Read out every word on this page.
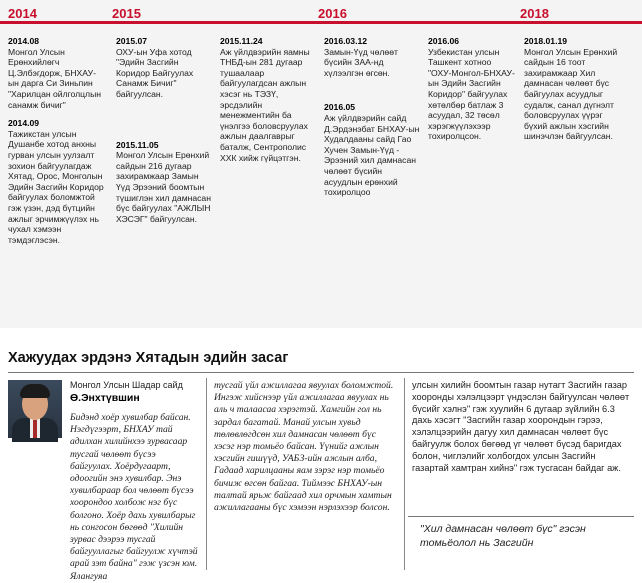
2014	2015	2016	2018
2014.08
Монгол Улсын Ерөнхийлөгч Ц.Элбэгдорж, БНХАУ-ын дарга Си Зиньпин "Харилцан ойлголцлын санамж бичиг"
2014.09
Тажикстан улсын Душанбе хотод анхны гурван улсын уулзалт зохион байгуулагдаж Хятад, Орос, Монголын Эдийн Засгийн Коридор байгуулах боломжтой гэж үзэн, дэд бүтцийн ажлыг эрчимжүүлэх нь чухал хэмээн тэмдэглэсэн.
2015.07
ОХУ-ын Уфа хотод "Эдийн Засгийн Коридор Байгуулах Санамж Бичиг" байгуулсан.
2015.11.05
Монгол Улсын Ерөнхий сайдын 216 дугаар захирамжаар Замын Үүд Эрээний боомтын түшиглэн хил дамнасан бүс байгуулах "АЖЛЫН ХЭСЭГ" байгуулсан.
2015.11.24
Аж үйлдвэрийн яамны ТНБД-ын 281 дугаар тушаалаар байгуулагдсан ажлын хэсэг нь ТЭЗҮ, эрсдэлийн менежментийн ба үнэлгээ боловсруулах ажлын даалгаврыг баталж, Сентрополис ХХК хийж гүйцэтгэн.
2016.03.12
Замын-Үүд чөлөөт бүсийн ЗАА-нд хүлээлгэн өгсөн.
2016.05
Аж үйлдвэрийн сайд Д.Эрдэнэбат БНХАУ-ын Худалдааны сайд Гао Хучен Замын-Үүд - Эрээний хил дамнасан чөлөөт бүсийн асуудлын ерөнхий тохиролцоо
2016.06
Узбекистан улсын Ташкент хотноо "ОХУ-Монгол-БНХАУ-ын Эдийн Засгийн Коридор" байгуулах хөтөлбөр батлаж 3 асуудал, 32 төсөл хэрэгжүүлэхээр тохиролцсон.
2018.01.19
Монгол Улсын Ерөнхий сайдын 16 тоот захирамжаар Хил дамнасан чөлөөт бүс байгуулах асуудлыг судалж, санал дүгнэлт боловсруулах үүрэг бүхий ажлын хэсгийн шинэчлэн байгуулсан.
Хажуудах эрдэнэ Хятадын эдийн засаг
Монгол Улсын Шадар сайд
Ө.Энхтүвшин
Бидэнд хоёр хувилбар байсан. Нэгдүгээрт, БНХАУ тай адилхан хилийнхээ зурвасаар тусгай чөлөөт бүсээ байгуулах. Хоёрдугаарт, одоогийн энэ хувилбар. Энэ хувилбараар бол чөлөөт бүсээ хоорондоо холбож нэг бүс болгоно. Хоёр дахь хувилбарыг нь сонгосон бөгөөд "Хилийн зурвас дээрээ тусгай байгууллагыг байгуулж хүчтэй арай зэт байна" гэж үзсэн юм. Ялангуяа
тусгай үйл ажиллагаа явуулах боломжтой. Ингэж хийснээр үйл ажиллагаа явуулах нь аль ч талаасаа хэрэгтэй. Хамгийн гол нь зардал багатай. Манай улсын хувьд төлөвлөгдсөн хил дамнасан чөлөөт бүс хэсэг нэр томьёо байсан. Үүнийг ажлын хэсгийн гишүүд, УАБЗ-ийн ажлын алба, Гадаад харилцааны яам зэрэг нэр томьёо бичиж өгсөн байгаа. Тиймээс БНХАУ-ын талтай ярьж байгаад хил орчмын хамтын ажиллагааны бүс хэмээн нэрлэхээр болсон.
улсын хилийн боомтын газар нутагт Засгийн газар хооронды хэлэлцээрт үндэслэн байгуулсан чөлөөт бүсийг хэлнэ" гэж хуулийн 6 дугаар зүйлийн 6.3 дахь хэсэгт "Засгийн газар хоорондын гэрээ, хэлэлцээрийн дагуу хил дамнасан чөлөөт бүс байгуулж болох бөгөөд үг чөлөөт бүсэд баригдах болон, чиглэлийг холбогдох улсын Засгийн газартай хамтран хийнэ" гэж тусгасан байдаг аж.
"Хил дамнасан чөлөөт бүс" гэсэн томьёолол нь Засгийн
